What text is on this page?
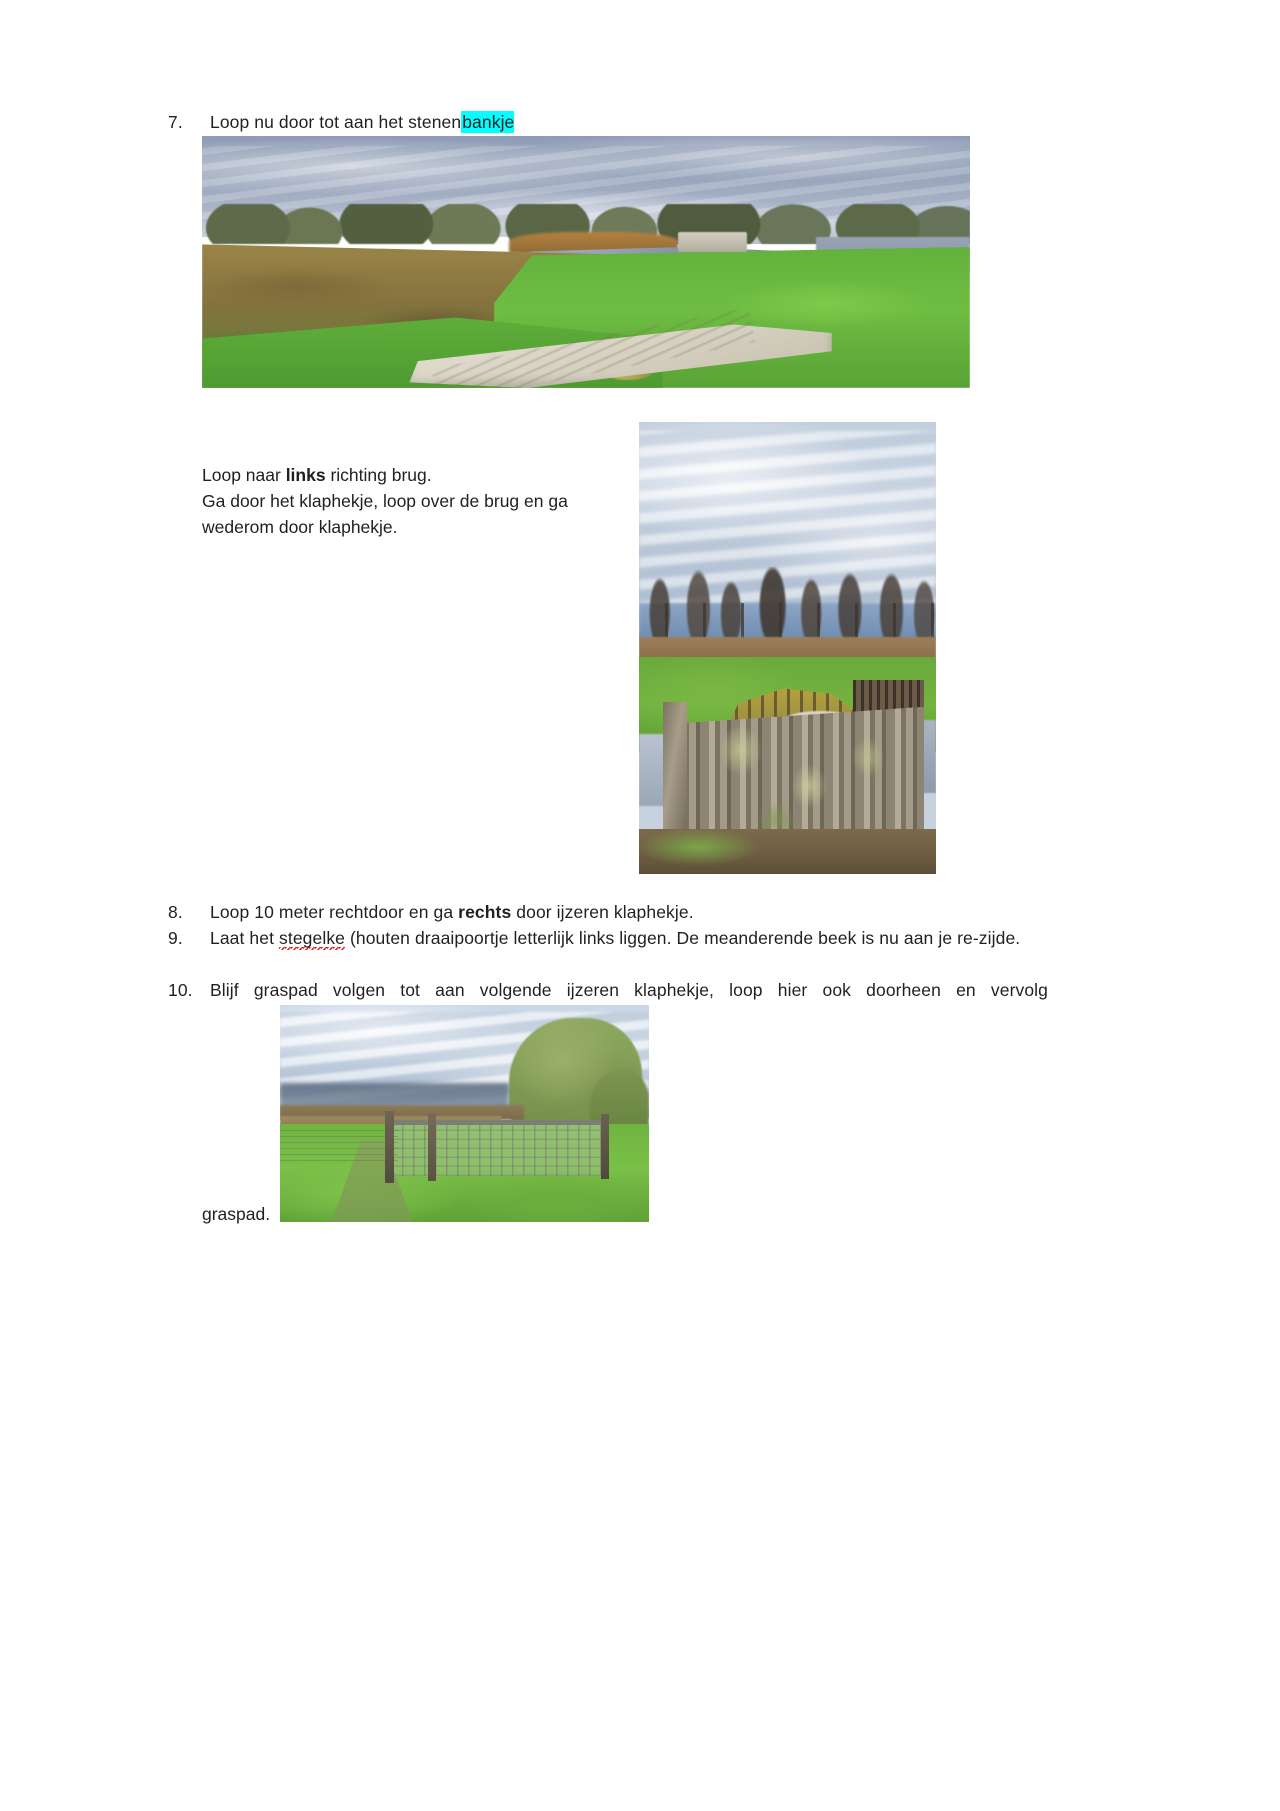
7.	Loop nu door tot aan het stenenbankje
Loop naar links richting brug.
Ga door het klaphekje, loop over de brug en ga
wederom door klaphekje.
8.	Loop 10 meter rechtdoor en ga rechts door ijzeren klaphekje.
9.	Laat het stegelke (houten draaipoortje letterlijk links liggen. De meanderende beek is nu aan je re-zijde.
10. Blijf graspad volgen tot aan volgende ijzeren klaphekje, loop hier ook doorheen en vervolg
graspad.
